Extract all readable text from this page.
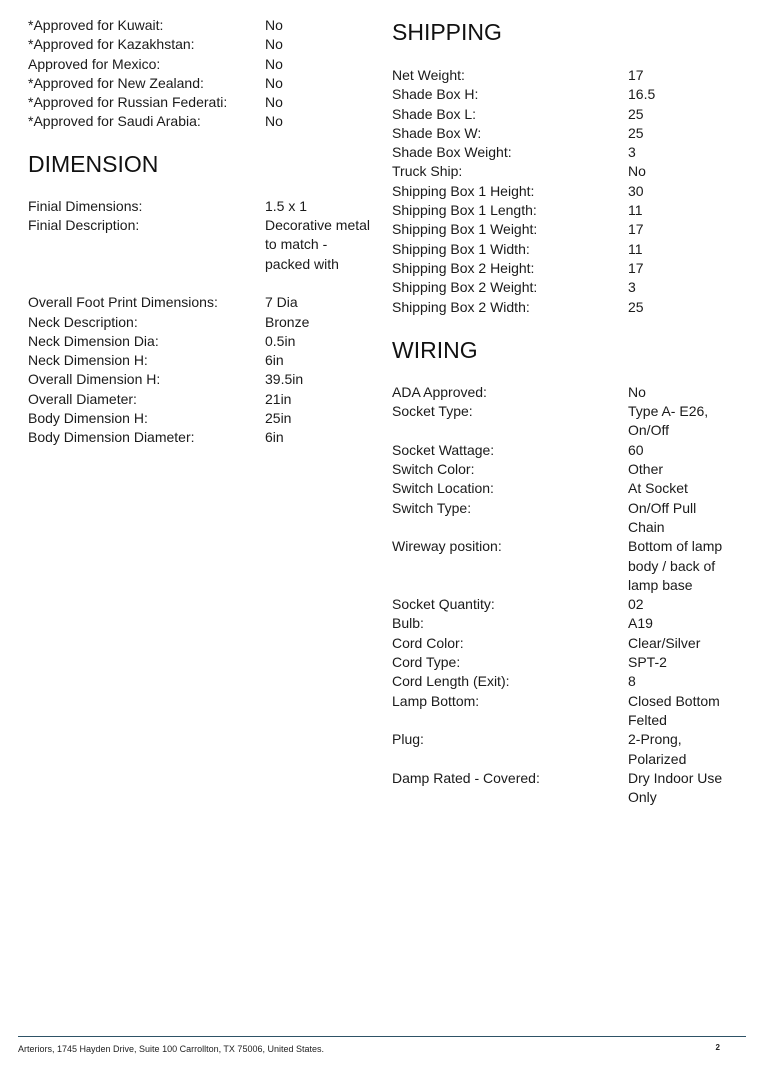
*Approved for Kuwait:	No
*Approved for Kazakhstan:	No
Approved for Mexico:	No
*Approved for New Zealand:	No
*Approved for Russian Federati:	No
*Approved for Saudi Arabia:	No
DIMENSION
Finial Dimensions:	1.5 x 1
Finial Description:	Decorative metal to match - packed with
Overall Foot Print Dimensions:	7 Dia
Neck Description:	Bronze
Neck Dimension Dia:	0.5in
Neck Dimension H:	6in
Overall Dimension H:	39.5in
Overall Diameter:	21in
Body Dimension H:	25in
Body Dimension Diameter:	6in
SHIPPING
Net Weight:	17
Shade Box H:	16.5
Shade Box L:	25
Shade Box W:	25
Shade Box Weight:	3
Truck Ship:	No
Shipping Box 1 Height:	30
Shipping Box 1 Length:	11
Shipping Box 1 Weight:	17
Shipping Box 1 Width:	11
Shipping Box 2 Height:	17
Shipping Box 2 Weight:	3
Shipping Box 2 Width:	25
WIRING
ADA Approved:	No
Socket Type:	Type A- E26, On/Off
Socket Wattage:	60
Switch Color:	Other
Switch Location:	At Socket
Switch Type:	On/Off Pull Chain
Wireway position:	Bottom of lamp body / back of lamp base
Socket Quantity:	02
Bulb:	A19
Cord Color:	Clear/Silver
Cord Type:	SPT-2
Cord Length (Exit):	8
Lamp Bottom:	Closed Bottom Felted
Plug:	2-Prong, Polarized
Damp Rated - Covered:	Dry Indoor Use Only
Arteriors, 1745 Hayden Drive, Suite 100 Carrollton, TX 75006, United States.	2
